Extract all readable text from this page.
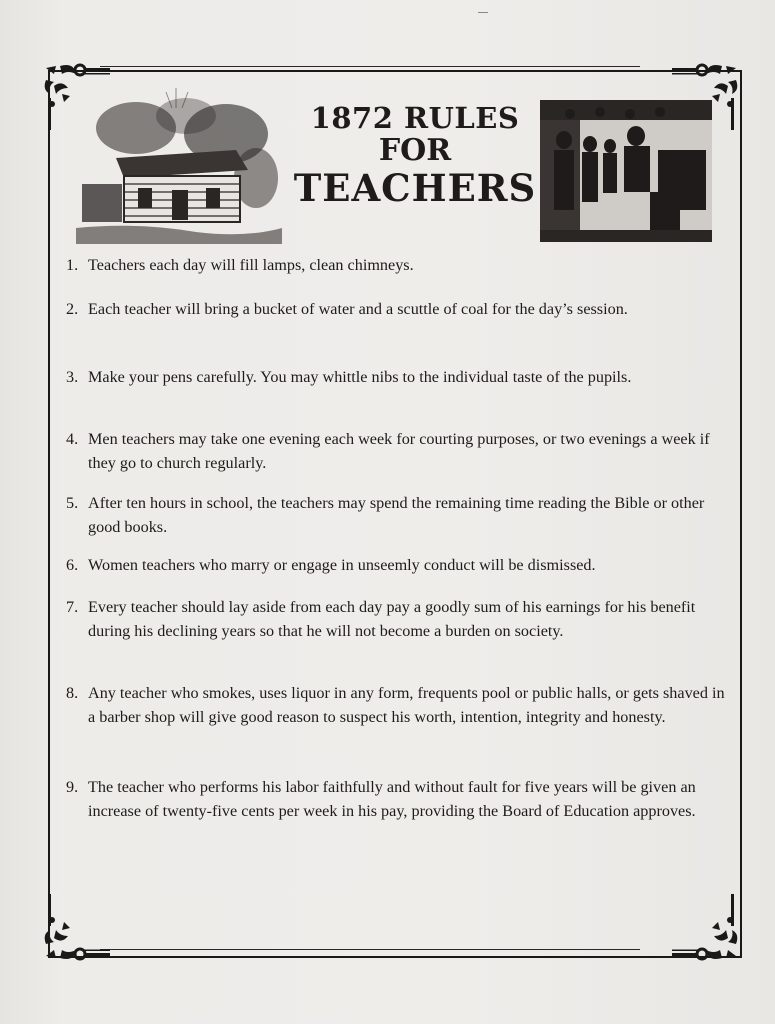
1872 RULES
FOR
TEACHERS
1. Teachers each day will fill lamps, clean chimneys.
2. Each teacher will bring a bucket of water and a scuttle of coal for the day’s session.
3. Make your pens carefully. You may whittle nibs to the individual taste of the pupils.
4. Men teachers may take one evening each week for courting purposes, or two evenings a week if they go to church regularly.
5. After ten hours in school, the teachers may spend the remaining time reading the Bible or other good books.
6. Women teachers who marry or engage in unseemly conduct will be dismissed.
7. Every teacher should lay aside from each day pay a goodly sum of his earnings for his benefit during his declining years so that he will not become a burden on society.
8. Any teacher who smokes, uses liquor in any form, frequents pool or public halls, or gets shaved in a barber shop will give good reason to suspect his worth, intention, integrity and honesty.
9. The teacher who performs his labor faithfully and without fault for five years will be given an increase of twenty-five cents per week in his pay, providing the Board of Education approves.
